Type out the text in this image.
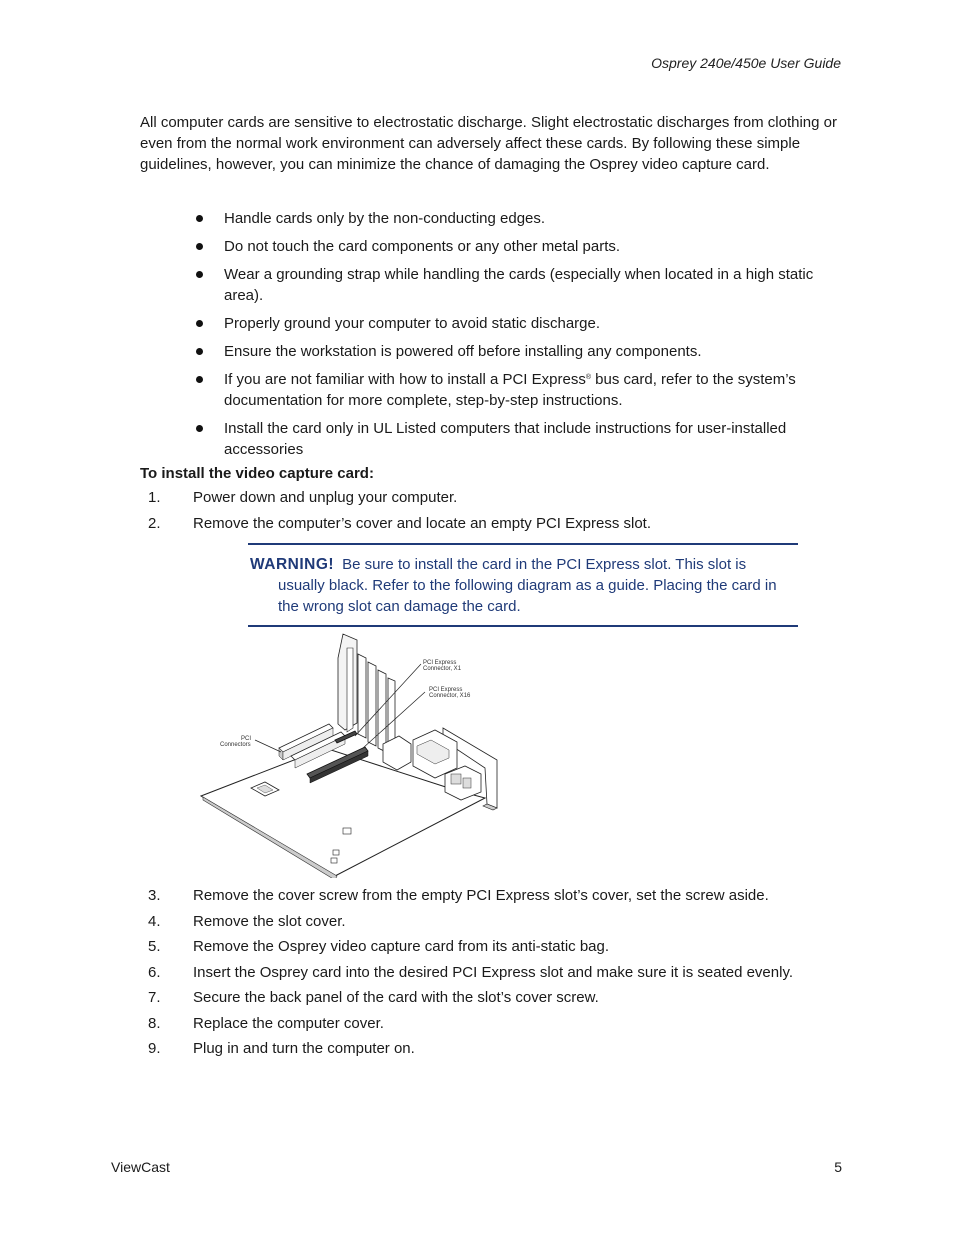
Osprey 240e/450e User Guide

All computer cards are sensitive to electrostatic discharge. Slight electrostatic discharges from clothing or even from the normal work environment can adversely affect these cards. By following these simple guidelines, however, you can minimize the chance of damaging the Osprey video capture card.

Handle cards only by the non-conducting edges.
Do not touch the card components or any other metal parts.
Wear a grounding strap while handling the cards (especially when located in a high static area).
Properly ground your computer to avoid static discharge.
Ensure the workstation is powered off before installing any components.
If you are not familiar with how to install a PCI Express® bus card, refer to the system’s documentation for more complete, step-by-step instructions.
Install the card only in UL Listed computers that include instructions for user-installed accessories
To install the video capture card:
1. Power down and unplug your computer.
2. Remove the computer’s cover and locate an empty PCI Express slot.

WARNING! Be sure to install the card in the PCI Express slot. This slot is usually black. Refer to the following diagram as a guide. Placing the card in the wrong slot can damage the card.

PCI Express
Connector, X1
PCI Express
Connector, X16
PCI
Connectors
3. Remove the cover screw from the empty PCI Express slot’s cover, set the screw aside.
4. Remove the slot cover.
5. Remove the Osprey video capture card from its anti-static bag.
6. Insert the Osprey card into the desired PCI Express slot and make sure it is seated evenly.
7. Secure the back panel of the card with the slot’s cover screw.
8. Replace the computer cover.
9. Plug in and turn the computer on.
ViewCast	5
